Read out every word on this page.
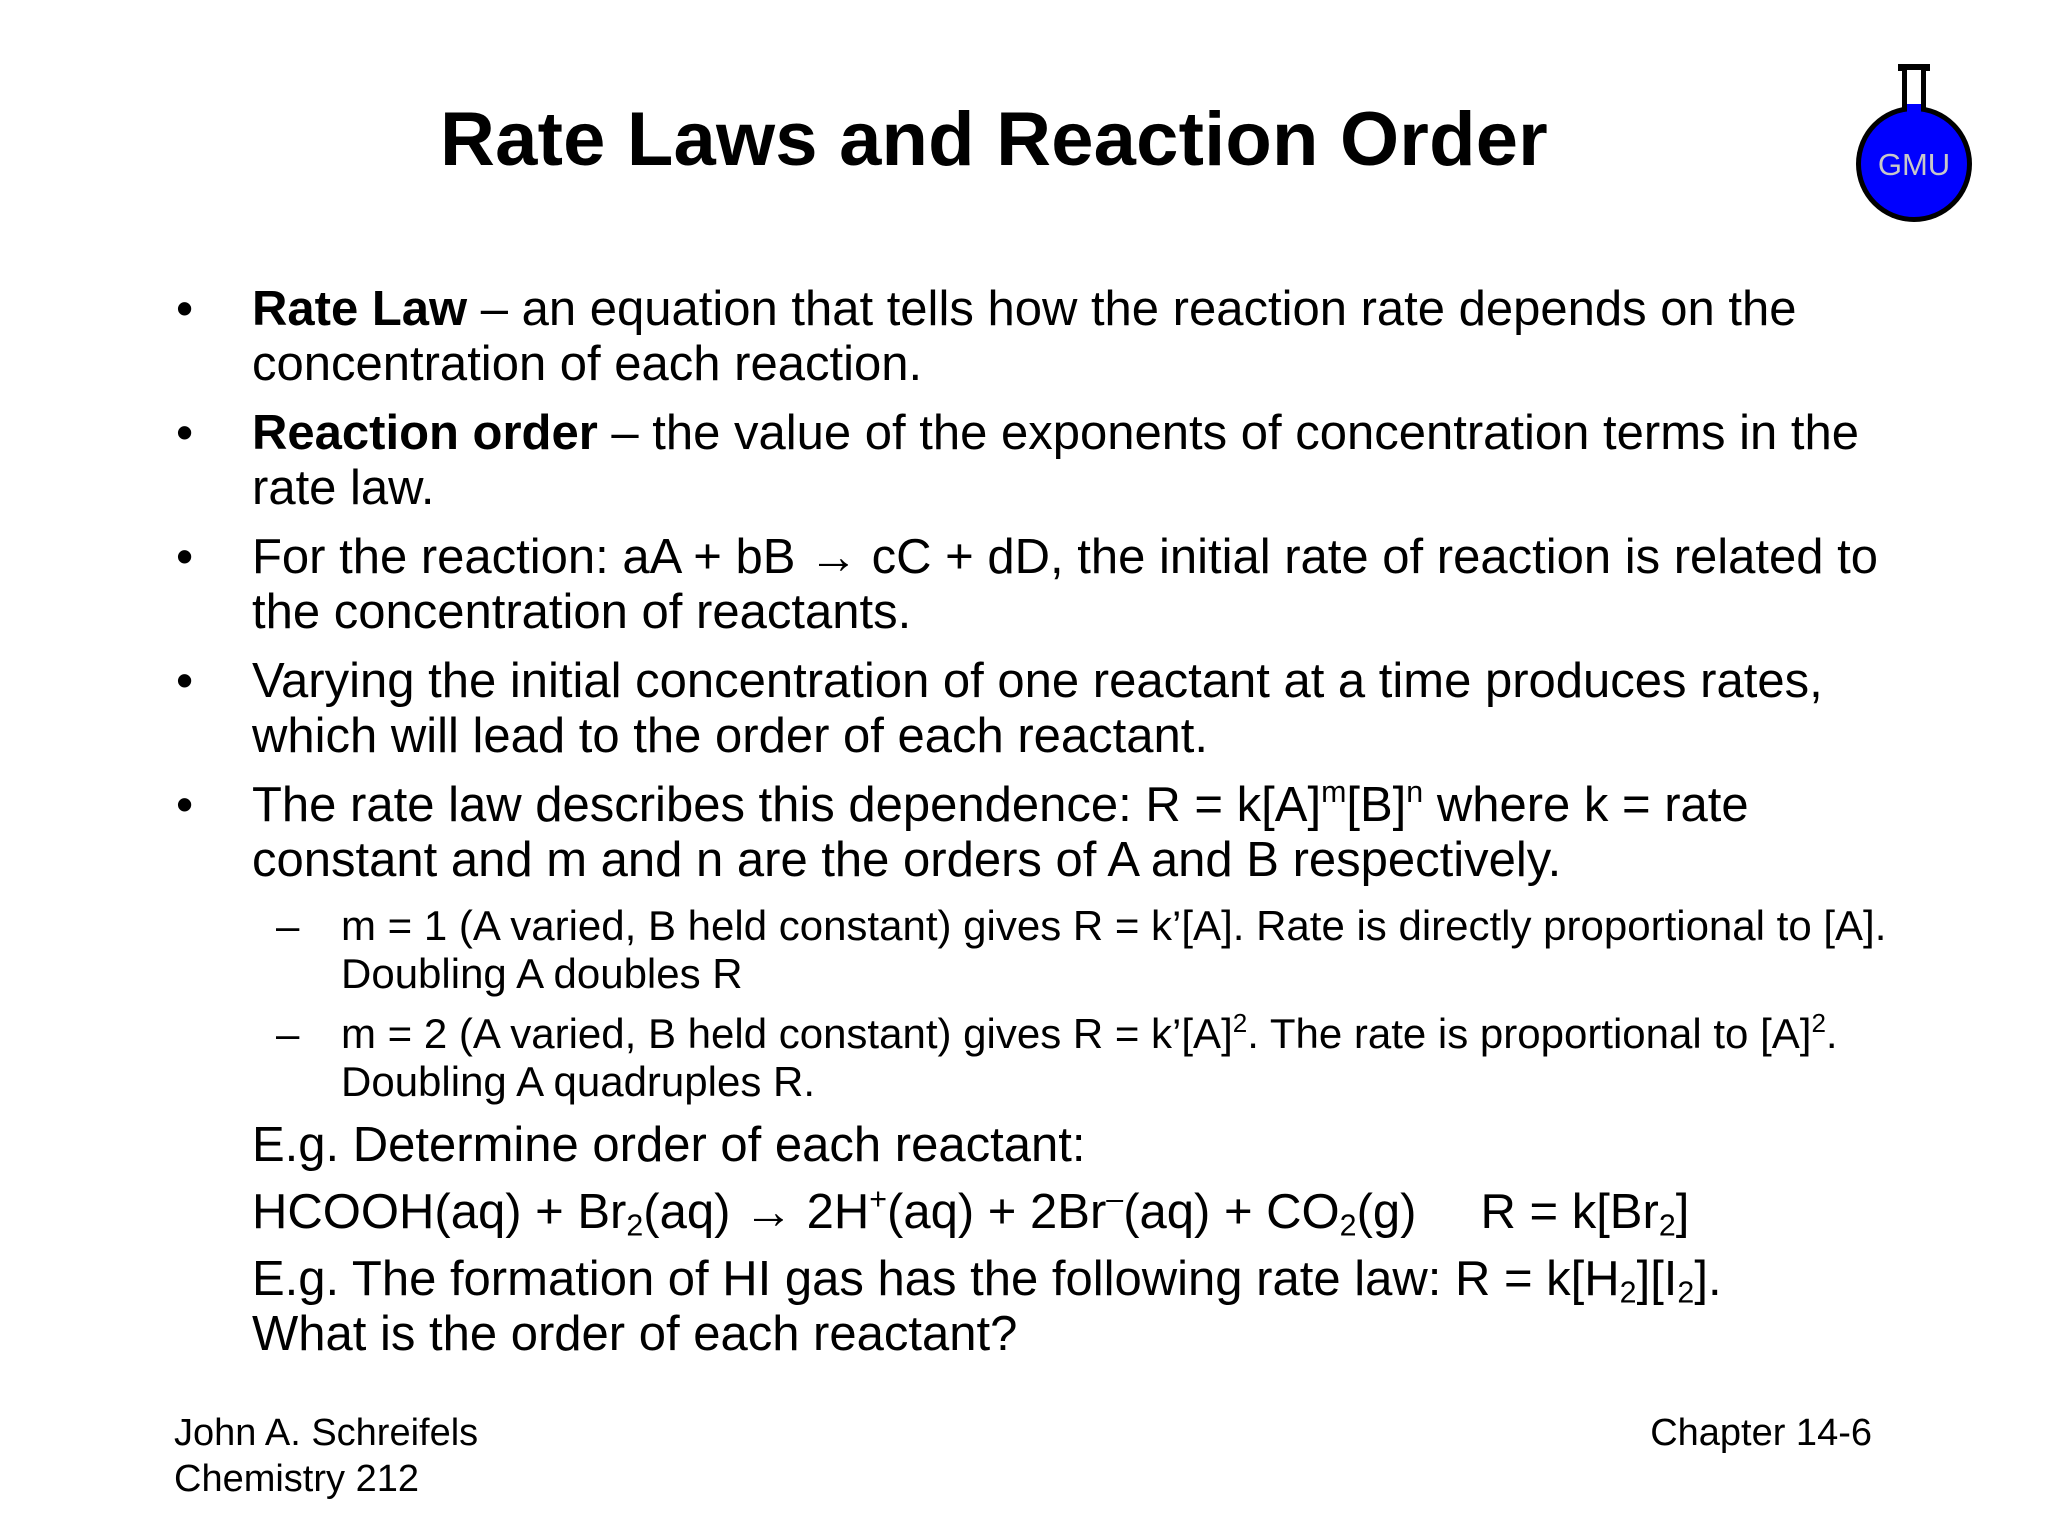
Rate Laws and Reaction Order	GMU
• Rate Law – an equation that tells how the reaction rate depends on the concentration of each reaction.
• Reaction order – the value of the exponents of concentration terms in the rate law.
• For the reaction: aA + bB → cC + dD, the initial rate of reaction is related to the concentration of reactants.
• Varying the initial concentration of one reactant at a time produces rates, which will lead to the order of each reactant.
• The rate law describes this dependence: $R = k[A]^m[B]^n$ where k = rate constant and m and n are the orders of A and B respectively.
– m = 1 (A varied, B held constant) gives R = k’[A]. Rate is directly proportional to [A]. Doubling A doubles R
– m = 2 (A varied, B held constant) gives $R = k’[A]^2$. The rate is proportional to $[A]^2$. Doubling A quadruples R.
E.g. Determine order of each reactant:
HCOOH(aq) + $Br_2(aq) \to 2H^+(aq) + 2Br^-(aq) + CO_2(g) R = k[Br_2]$
E.g. The formation of HI gas has the following rate law: $R = k[H_2][I_2]$.
What is the order of each reactant?
John A. Schreifels
Chemistry 212
Chapter 14-6
